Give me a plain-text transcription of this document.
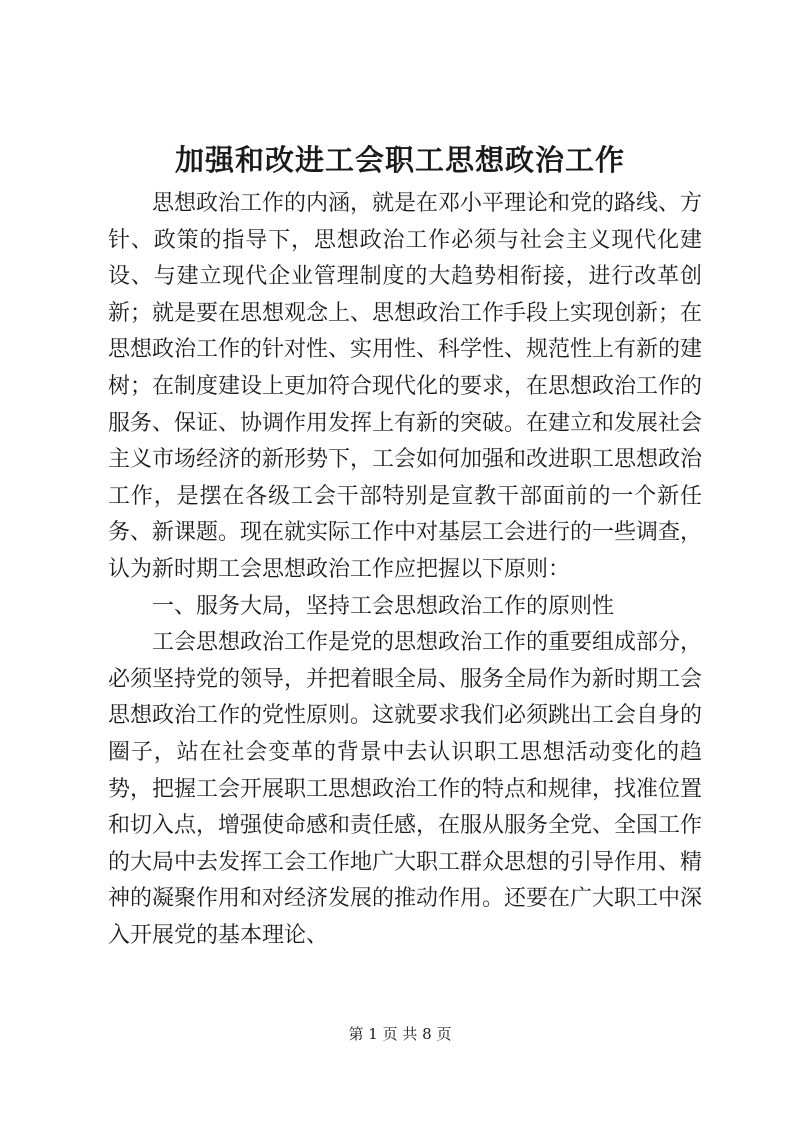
加强和改进工会职工思想政治工作

思想政治工作的内涵，就是在邓小平理论和党的路线、方针、政策的指导下，思想政治工作必须与社会主义现代化建设、与建立现代企业管理制度的大趋势相衔接，进行改革创新；就是要在思想观念上、思想政治工作手段上实现创新；在思想政治工作的针对性、实用性、科学性、规范性上有新的建树；在制度建设上更加符合现代化的要求，在思想政治工作的服务、保证、协调作用发挥上有新的突破。在建立和发展社会主义市场经济的新形势下，工会如何加强和改进职工思想政治工作，是摆在各级工会干部特别是宣教干部面前的一个新任务、新课题。现在就实际工作中对基层工会进行的一些调查，认为新时期工会思想政治工作应把握以下原则：

一、服务大局，坚持工会思想政治工作的原则性

工会思想政治工作是党的思想政治工作的重要组成部分，必须坚持党的领导，并把着眼全局、服务全局作为新时期工会思想政治工作的党性原则。这就要求我们必须跳出工会自身的圈子，站在社会变革的背景中去认识职工思想活动变化的趋势，把握工会开展职工思想政治工作的特点和规律，找准位置和切入点，增强使命感和责任感，在服从服务全党、全国工作的大局中去发挥工会工作地广大职工群众思想的引导作用、精神的凝聚作用和对经济发展的推动作用。还要在广大职工中深入开展党的基本理论、

第 1 页 共 8 页
